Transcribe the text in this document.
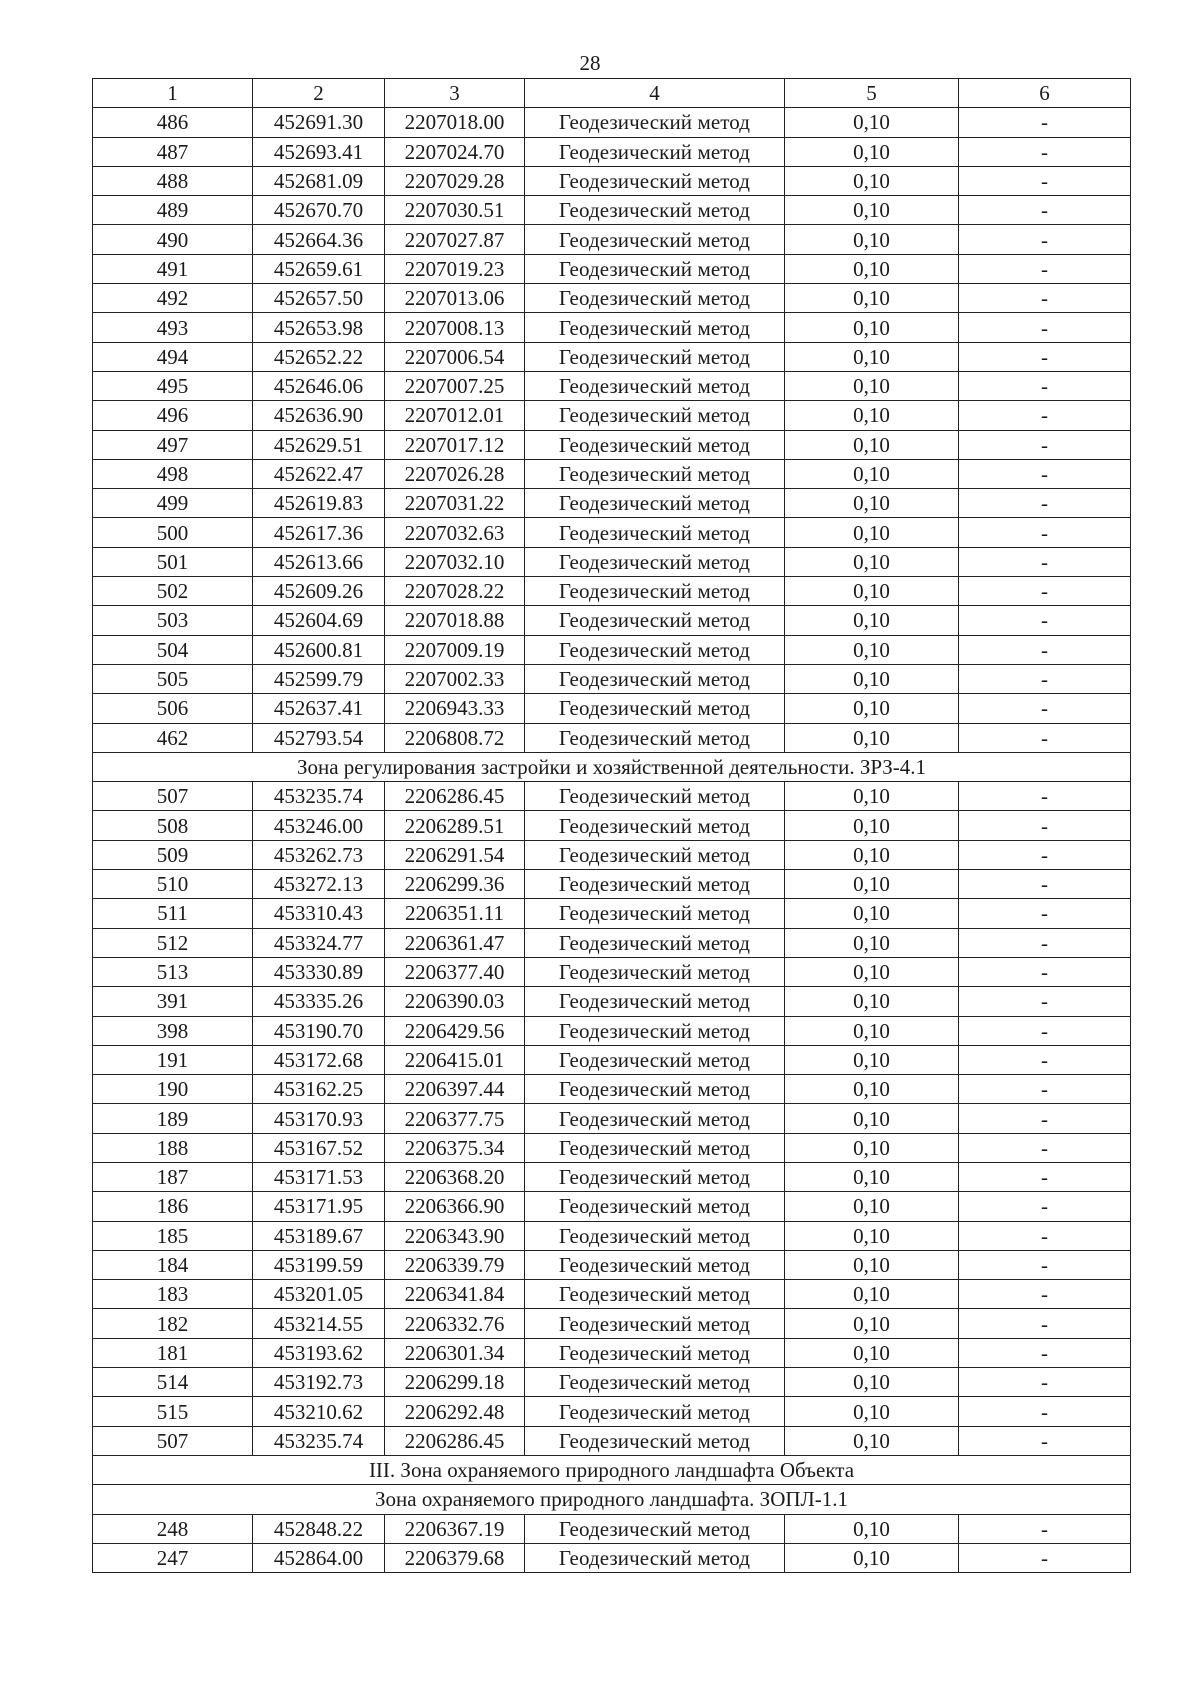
28
1	2	3	4	5	6
486	452691.30	2207018.00	Геодезический метод	0,10	-
487	452693.41	2207024.70	Геодезический метод	0,10	-
488	452681.09	2207029.28	Геодезический метод	0,10	-
489	452670.70	2207030.51	Геодезический метод	0,10	-
490	452664.36	2207027.87	Геодезический метод	0,10	-
491	452659.61	2207019.23	Геодезический метод	0,10	-
492	452657.50	2207013.06	Геодезический метод	0,10	-
493	452653.98	2207008.13	Геодезический метод	0,10	-
494	452652.22	2207006.54	Геодезический метод	0,10	-
495	452646.06	2207007.25	Геодезический метод	0,10	-
496	452636.90	2207012.01	Геодезический метод	0,10	-
497	452629.51	2207017.12	Геодезический метод	0,10	-
498	452622.47	2207026.28	Геодезический метод	0,10	-
499	452619.83	2207031.22	Геодезический метод	0,10	-
500	452617.36	2207032.63	Геодезический метод	0,10	-
501	452613.66	2207032.10	Геодезический метод	0,10	-
502	452609.26	2207028.22	Геодезический метод	0,10	-
503	452604.69	2207018.88	Геодезический метод	0,10	-
504	452600.81	2207009.19	Геодезический метод	0,10	-
505	452599.79	2207002.33	Геодезический метод	0,10	-
506	452637.41	2206943.33	Геодезический метод	0,10	-
462	452793.54	2206808.72	Геодезический метод	0,10	-
Зона регулирования застройки и хозяйственной деятельности. ЗРЗ-4.1					
507	453235.74	2206286.45	Геодезический метод	0,10	-
508	453246.00	2206289.51	Геодезический метод	0,10	-
509	453262.73	2206291.54	Геодезический метод	0,10	-
510	453272.13	2206299.36	Геодезический метод	0,10	-
511	453310.43	2206351.11	Геодезический метод	0,10	-
512	453324.77	2206361.47	Геодезический метод	0,10	-
513	453330.89	2206377.40	Геодезический метод	0,10	-
391	453335.26	2206390.03	Геодезический метод	0,10	-
398	453190.70	2206429.56	Геодезический метод	0,10	-
191	453172.68	2206415.01	Геодезический метод	0,10	-
190	453162.25	2206397.44	Геодезический метод	0,10	-
189	453170.93	2206377.75	Геодезический метод	0,10	-
188	453167.52	2206375.34	Геодезический метод	0,10	-
187	453171.53	2206368.20	Геодезический метод	0,10	-
186	453171.95	2206366.90	Геодезический метод	0,10	-
185	453189.67	2206343.90	Геодезический метод	0,10	-
184	453199.59	2206339.79	Геодезический метод	0,10	-
183	453201.05	2206341.84	Геодезический метод	0,10	-
182	453214.55	2206332.76	Геодезический метод	0,10	-
181	453193.62	2206301.34	Геодезический метод	0,10	-
514	453192.73	2206299.18	Геодезический метод	0,10	-
515	453210.62	2206292.48	Геодезический метод	0,10	-
507	453235.74	2206286.45	Геодезический метод	0,10	-
III. Зона охраняемого природного ландшафта Объекта					
Зона охраняемого природного ландшафта. ЗОПЛ-1.1					
248	452848.22	2206367.19	Геодезический метод	0,10	-
247	452864.00	2206379.68	Геодезический метод	0,10	-
